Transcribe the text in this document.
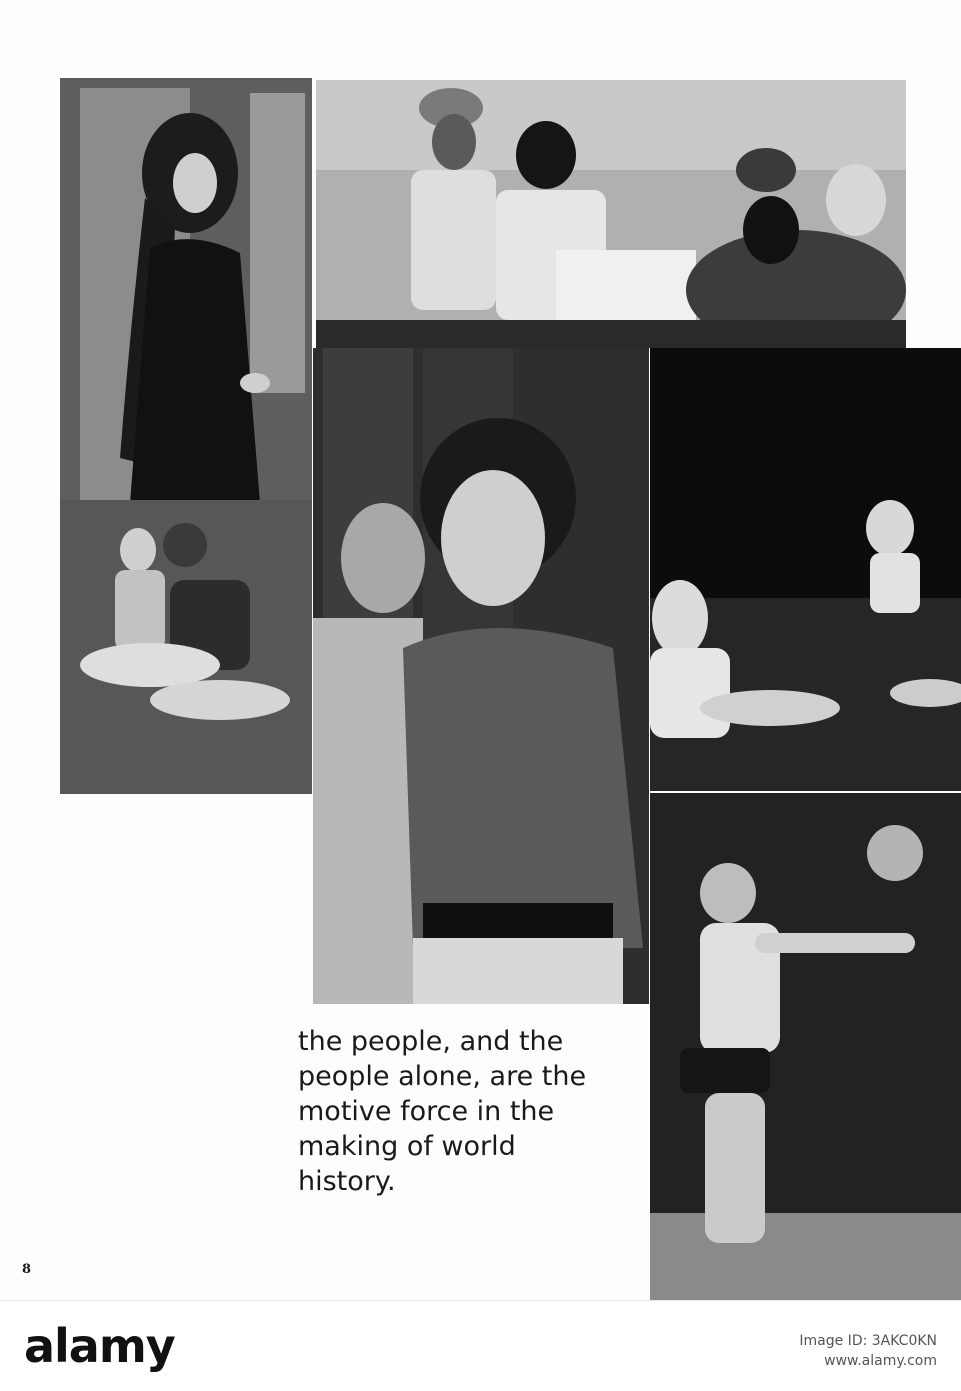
the people, and the
people alone, are the
motive force in the
making of world
history.

8
alamy	Image ID: 3AKC0KN
www.alamy.com
